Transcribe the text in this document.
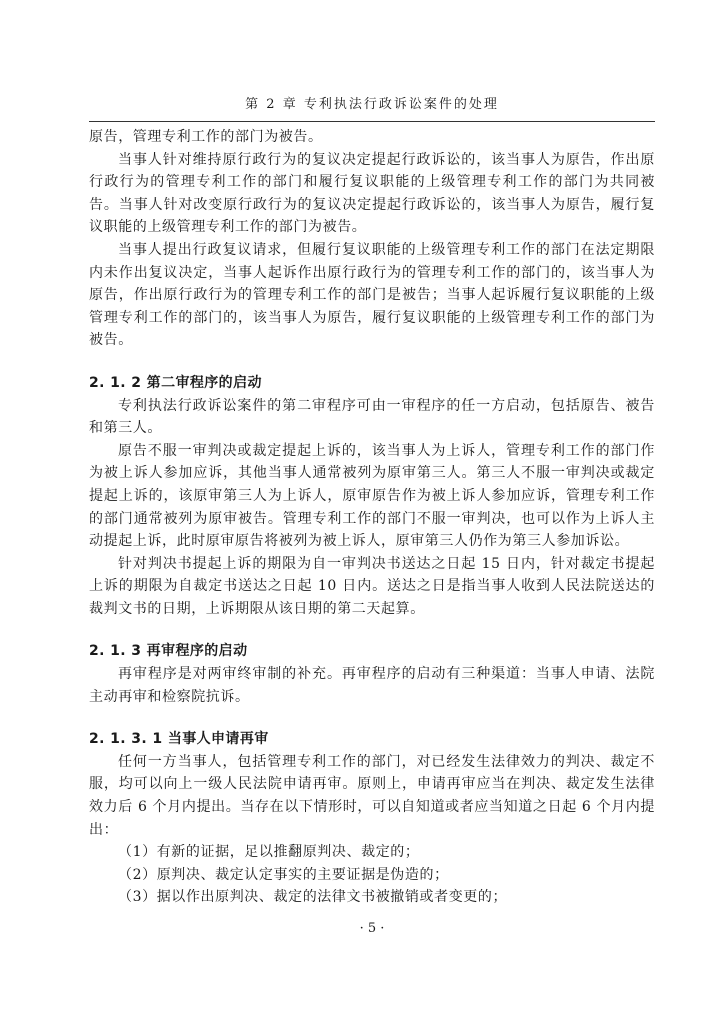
第 2 章 专利执法行政诉讼案件的处理

原告，管理专利工作的部门为被告。

当事人针对维持原行政行为的复议决定提起行政诉讼的，该当事人为原告，作出原行政行为的管理专利工作的部门和履行复议职能的上级管理专利工作的部门为共同被告。当事人针对改变原行政行为的复议决定提起行政诉讼的，该当事人为原告，履行复议职能的上级管理专利工作的部门为被告。

当事人提出行政复议请求，但履行复议职能的上级管理专利工作的部门在法定期限内未作出复议决定，当事人起诉作出原行政行为的管理专利工作的部门的，该当事人为原告，作出原行政行为的管理专利工作的部门是被告；当事人起诉履行复议职能的上级管理专利工作的部门的，该当事人为原告，履行复议职能的上级管理专利工作的部门为被告。

2. 1. 2 第二审程序的启动

专利执法行政诉讼案件的第二审程序可由一审程序的任一方启动，包括原告、被告和第三人。

原告不服一审判决或裁定提起上诉的，该当事人为上诉人，管理专利工作的部门作为被上诉人参加应诉，其他当事人通常被列为原审第三人。第三人不服一审判决或裁定提起上诉的，该原审第三人为上诉人，原审原告作为被上诉人参加应诉，管理专利工作的部门通常被列为原审被告。管理专利工作的部门不服一审判决，也可以作为上诉人主动提起上诉，此时原审原告将被列为被上诉人，原审第三人仍作为第三人参加诉讼。

针对判决书提起上诉的期限为自一审判决书送达之日起 15 日内，针对裁定书提起上诉的期限为自裁定书送达之日起 10 日内。送达之日是指当事人收到人民法院送达的裁判文书的日期，上诉期限从该日期的第二天起算。

2. 1. 3 再审程序的启动

再审程序是对两审终审制的补充。再审程序的启动有三种渠道：当事人申请、法院主动再审和检察院抗诉。

2. 1. 3. 1 当事人申请再审

任何一方当事人，包括管理专利工作的部门，对已经发生法律效力的判决、裁定不服，均可以向上一级人民法院申请再审。原则上，申请再审应当在判决、裁定发生法律效力后 6 个月内提出。当存在以下情形时，可以自知道或者应当知道之日起 6 个月内提出：

（1）有新的证据，足以推翻原判决、裁定的；

（2）原判决、裁定认定事实的主要证据是伪造的；

（3）据以作出原判决、裁定的法律文书被撤销或者变更的；

· 5 ·
